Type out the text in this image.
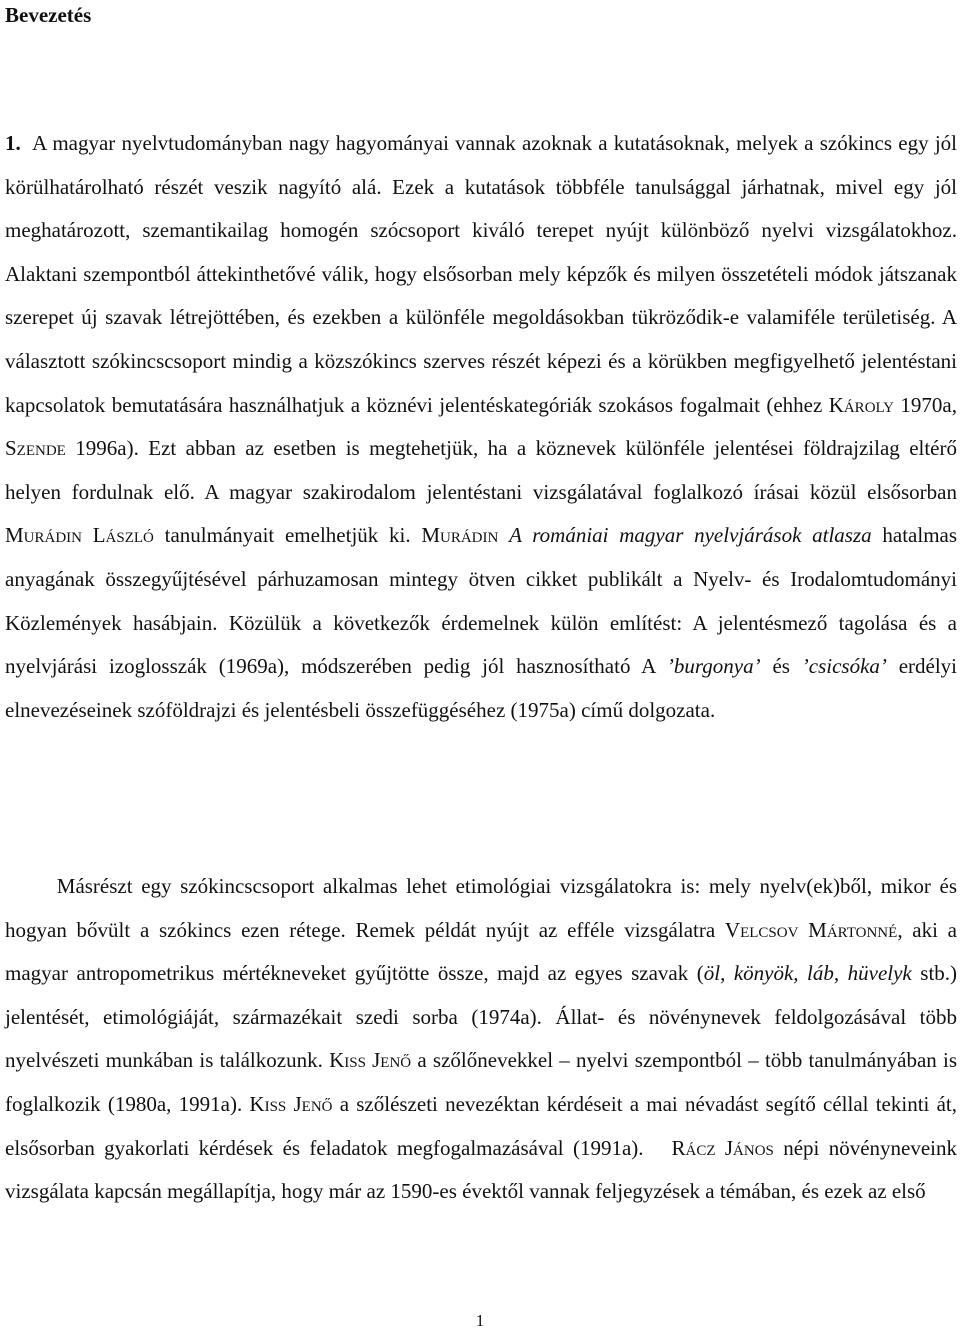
Bevezetés

1. A magyar nyelvtudományban nagy hagyományai vannak azoknak a kutatásoknak, melyek a szókincs egy jól körülhatárolható részét veszik nagyító alá. Ezek a kutatások többféle tanulsággal járhatnak, mivel egy jól meghatározott, szemantikailag homogén szócsoport kiváló terepet nyújt különböző nyelvi vizsgálatokhoz. Alaktani szempontból áttekinthetővé válik, hogy elsősorban mely képzők és milyen összetételi módok játszanak szerepet új szavak létrejöttében, és ezekben a különféle megoldásokban tükröződik-e valamiféle területiség. A választott szókincscsoport mindig a közszókincs szerves részét képezi és a körükben megfigyelhető jelentéstani kapcsolatok bemutatására használhatjuk a köznévi jelentéskategóriák szokásos fogalmait (ehhez Károly 1970a, Szende 1996a). Ezt abban az esetben is megtehetjük, ha a köznevek különféle jelentései földrajzilag eltérő helyen fordulnak elő. A magyar szakirodalom jelentéstani vizsgálatával foglalkozó írásai közül elsősorban Murádin László tanulmányait emelhetjük ki. Murádin A romániai magyar nyelvjárások atlasza hatalmas anyagának összegyűjtésével párhuzamosan mintegy ötven cikket publikált a Nyelv- és Irodalomtudományi Közlemények hasábjain. Közülük a következők érdemelnek külön említést: A jelentésmező tagolása és a nyelvjárási izoglosszák (1969a), módszerében pedig jól hasznosítható A ’burgonya’ és ’csicsóka’ erdélyi elnevezéseinek szóföldrajzi és jelentésbeli összefüggéséhez (1975a) című dolgozata.

Másrészt egy szókincscsoport alkalmas lehet etimológiai vizsgálatokra is: mely nyelv(ek)ből, mikor és hogyan bővült a szókincs ezen rétege. Remek példát nyújt az efféle vizsgálatra Velcsov Mártonné, aki a magyar antropometrikus mértékneveket gyűjtötte össze, majd az egyes szavak (öl, könyök, láb, hüvelyk stb.) jelentését, etimológiáját, származékait szedi sorba (1974a). Állat- és növénynevek feldolgozásával több nyelvészeti munkában is találkozunk. Kiss Jenő a szőlőnevekkel – nyelvi szempontból – több tanulmányában is foglalkozik (1980a, 1991a). Kiss Jenő a szőlészeti nevezéktan kérdéseit a mai névadást segítő céllal tekinti át, elsősorban gyakorlati kérdések és feladatok megfogalmazásával (1991a). Rácz János népi növényneveink vizsgálata kapcsán megállapítja, hogy már az 1590-es évektől vannak feljegyzések a témában, és ezek az első

1
